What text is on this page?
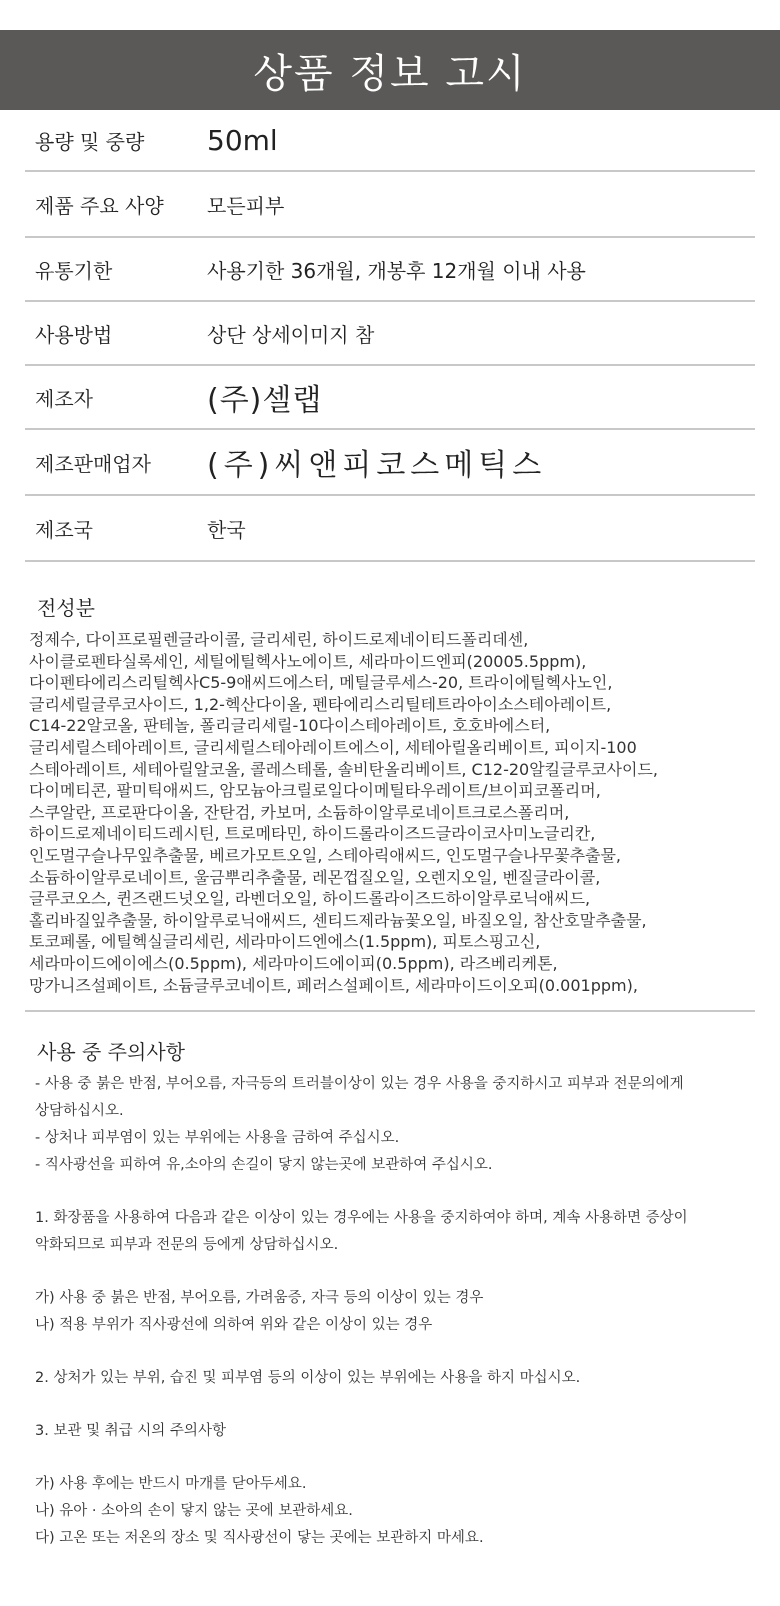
상품 정보 고시
용량 및 중량	50ml
제품 주요 사양	모든피부
유통기한	사용기한 36개월, 개봉후 12개월 이내 사용
사용방법	상단 상세이미지 참
제조자	(주)셀랩
제조판매업자	(주)씨앤피코스메틱스
제조국	한국
전성분
정제수, 다이프로필렌글라이콜, 글리세린, 하이드로제네이티드폴리데센,
사이클로펜타실록세인, 세틸에틸헥사노에이트, 세라마이드엔피(20005.5ppm),
다이펜타에리스리틸헥사C5-9애씨드에스터, 메틸글루세스-20, 트라이에틸헥사노인,
글리세릴글루코사이드, 1,2-헥산다이올, 펜타에리스리틸테트라아이소스테아레이트,
C14-22알코올, 판테놀, 폴리글리세릴-10다이스테아레이트, 호호바에스터,
글리세릴스테아레이트, 글리세릴스테아레이트에스이, 세테아릴올리베이트, 피이지-100
스테아레이트, 세테아릴알코올, 콜레스테롤, 솔비탄올리베이트, C12-20알킬글루코사이드,
다이메티콘, 팔미틱애씨드, 암모늄아크릴로일다이메틸타우레이트/브이피코폴리머,
스쿠알란, 프로판다이올, 잔탄검, 카보머, 소듐하이알루로네이트크로스폴리머,
하이드로제네이티드레시틴, 트로메타민, 하이드롤라이즈드글라이코사미노글리칸,
인도멀구슬나무잎추출물, 베르가모트오일, 스테아릭애씨드, 인도멀구슬나무꽃추출물,
소듐하이알루로네이트, 울금뿌리추출물, 레몬껍질오일, 오렌지오일, 벤질글라이콜,
글루코오스, 퀸즈랜드넛오일, 라벤더오일, 하이드롤라이즈드하이알루로닉애씨드,
홀리바질잎추출물, 하이알루로닉애씨드, 센티드제라늄꽃오일, 바질오일, 참산호말추출물,
토코페롤, 에틸헥실글리세린, 세라마이드엔에스(1.5ppm), 피토스핑고신,
세라마이드에이에스(0.5ppm), 세라마이드에이피(0.5ppm), 라즈베리케톤,
망가니즈설페이트, 소듐글루코네이트, 페러스설페이트, 세라마이드이오피(0.001ppm),
사용 중 주의사항
- 사용 중 붉은 반점, 부어오름, 자극등의 트러블이상이 있는 경우 사용을 중지하시고 피부과 전문의에게
상담하십시오.
- 상처나 피부염이 있는 부위에는 사용을 금하여 주십시오.
- 직사광선을 피하여 유,소아의 손길이 닿지 않는곳에 보관하여 주십시오.
1. 화장품을 사용하여 다음과 같은 이상이 있는 경우에는 사용을 중지하여야 하며, 계속 사용하면 증상이
악화되므로 피부과 전문의 등에게 상담하십시오.
가) 사용 중 붉은 반점, 부어오름, 가려움증, 자극 등의 이상이 있는 경우
나) 적용 부위가 직사광선에 의하여 위와 같은 이상이 있는 경우
2. 상처가 있는 부위, 습진 및 피부염 등의 이상이 있는 부위에는 사용을 하지 마십시오.
3. 보관 및 취급 시의 주의사항
가) 사용 후에는 반드시 마개를 닫아두세요.
나) 유아 · 소아의 손이 닿지 않는 곳에 보관하세요.
다) 고온 또는 저온의 장소 및 직사광선이 닿는 곳에는 보관하지 마세요.
